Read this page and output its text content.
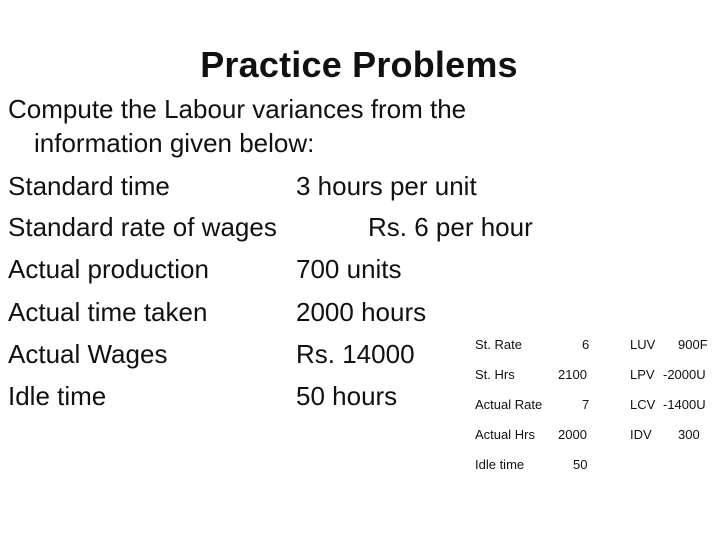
Practice Problems
Compute the Labour variances from the
information given below:
Standard time	3 hours per unit
Standard rate of wages	Rs. 6 per hour
Actual production	700 units
Actual time taken	2000 hours
Actual Wages	Rs. 14000
Idle time	50 hours
St. Rate	6
St. Hrs	2100
Actual Rate	7
Actual Hrs 2000
Idle time	50
LUV 900F
LPV -2000U
LCV -1400U
IDV 300
